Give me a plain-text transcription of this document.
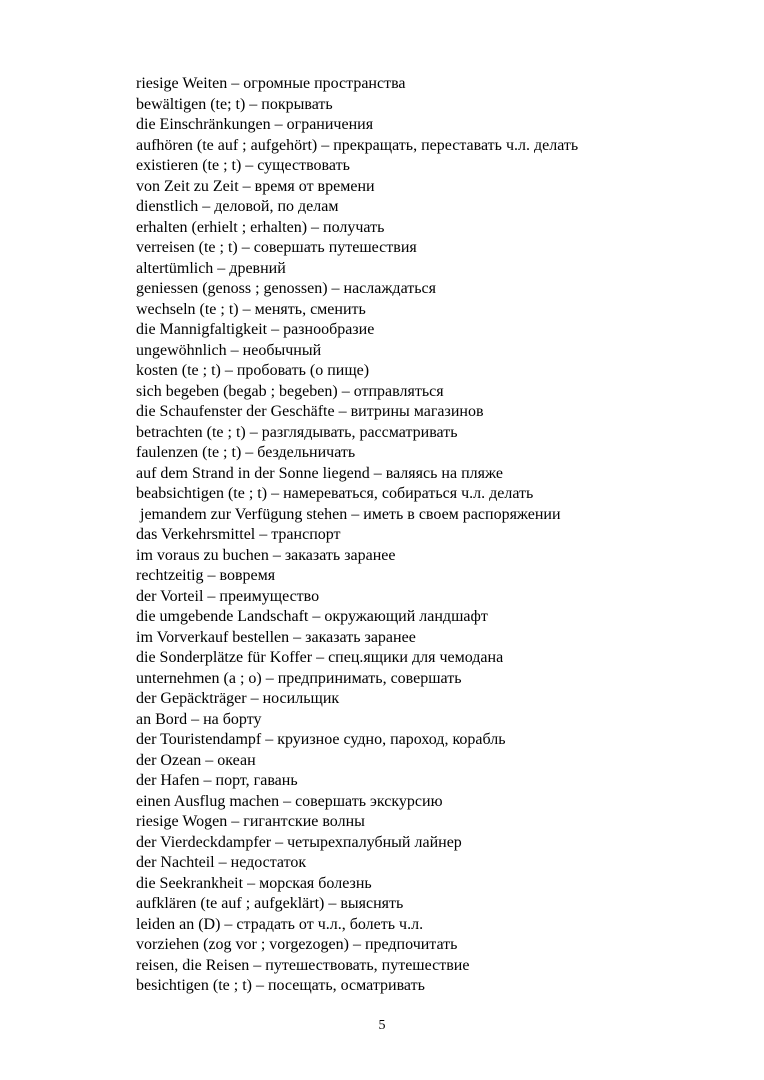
riesige Weiten – огромные пространства
bewältigen (te; t) – покрывать
die Einschränkungen – ограничения
aufhören (te auf ; aufgehört) – прекращать, переставать ч.л. делать
existieren (te ; t) – существовать
von Zeit zu Zeit – время от времени
dienstlich – деловой, по делам
erhalten (erhielt ; erhalten) – получать
verreisen (te ; t) – совершать путешествия
altertümlich – древний
geniessen (genoss ; genossen) – наслаждаться
wechseln (te ; t) – менять, сменить
die Mannigfaltigkeit – разнообразие
ungewöhnlich – необычный
kosten (te ; t) – пробовать (о пище)
sich begeben (begab ; begeben) – отправляться
die Schaufenster der Geschäfte – витрины магазинов
betrachten (te ; t) – разглядывать, рассматривать
faulenzen (te ; t) – бездельничать
auf dem Strand in der Sonne liegend – валяясь на пляже
beabsichtigen (te ; t) – намереваться, собираться ч.л. делать
jemandem zur Verfügung stehen – иметь в своем распоряжении
das Verkehrsmittel – транспорт
im voraus zu buchen – заказать заранее
rechtzeitig – вовремя
der Vorteil – преимущество
die umgebende Landschaft – окружающий ландшафт
im Vorverkauf bestellen – заказать заранее
die Sonderplätze für Koffer – спец.ящики для чемодана
unternehmen (a ; o) – предпринимать, совершать
der Gepäckträger – носильщик
an Bord – на борту
der Touristendampf – круизное судно, пароход, корабль
der Ozean – океан
der Hafen – порт, гавань
einen Ausflug machen – совершать экскурсию
riesige Wogen – гигантские волны
der Vierdeckdampfer – четырехпалубный лайнер
der Nachteil – недостаток
die Seekrankheit – морская болезнь
aufklären (te auf ; aufgeklärt) – выяснять
leiden an (D) – страдать от ч.л., болеть ч.л.
vorziehen (zog vor ; vorgezogen) – предпочитать
reisen, die Reisen – путешествовать, путешествие
besichtigen (te ; t) – посещать, осматривать
5
